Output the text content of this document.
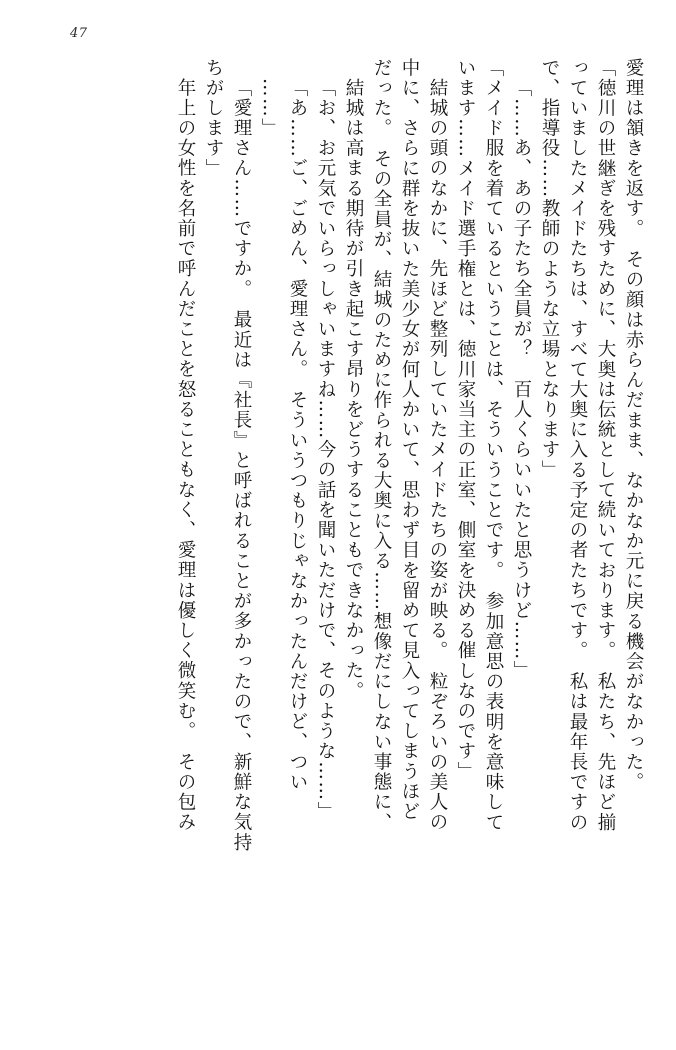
47
愛理は頷きを返す。　その顔は赤らんだまま、なかなか元に戻る機会がなかった。
「徳川の世継ぎを残すために、大奥は伝統として続いております。　私たち、先ほど揃
っていましたメイドたちは、すべて大奥に入る予定の者たちです。　私は最年長ですの
で、指導役……教師のような立場となります」
「……あ、あの子たち全員が？　百人くらいいたと思うけど……」
「メイド服を着ているということは、そういうことです。　参加意思の表明を意味して
います……メイド選手権とは、徳川家当主の正室、側室を決める催しなのです」
結城の頭のなかに、先ほど整列していたメイドたちの姿が映る。　粒ぞろいの美人の
中に、さらに群を抜いた美少女が何人かいて、思わず目を留めて見入ってしまうほど
だった。　その全員が、結城のために作られる大奥に入る……想像だにしない事態に、
結城は高まる期待が引き起こす昂りをどうすることもできなかった。
「お、お元気でいらっしゃいますね……今の話を聞いただけで、そのような……」
「あ……ご、ごめん、愛理さん。　そういうつもりじゃなかったんだけど、つい
……」
「愛理さん……ですか。　最近は『社長』と呼ばれることが多かったので、新鮮な気持
ちがします」
年上の女性を名前で呼んだことを怒ることもなく、愛理は優しく微笑む。　その包み
